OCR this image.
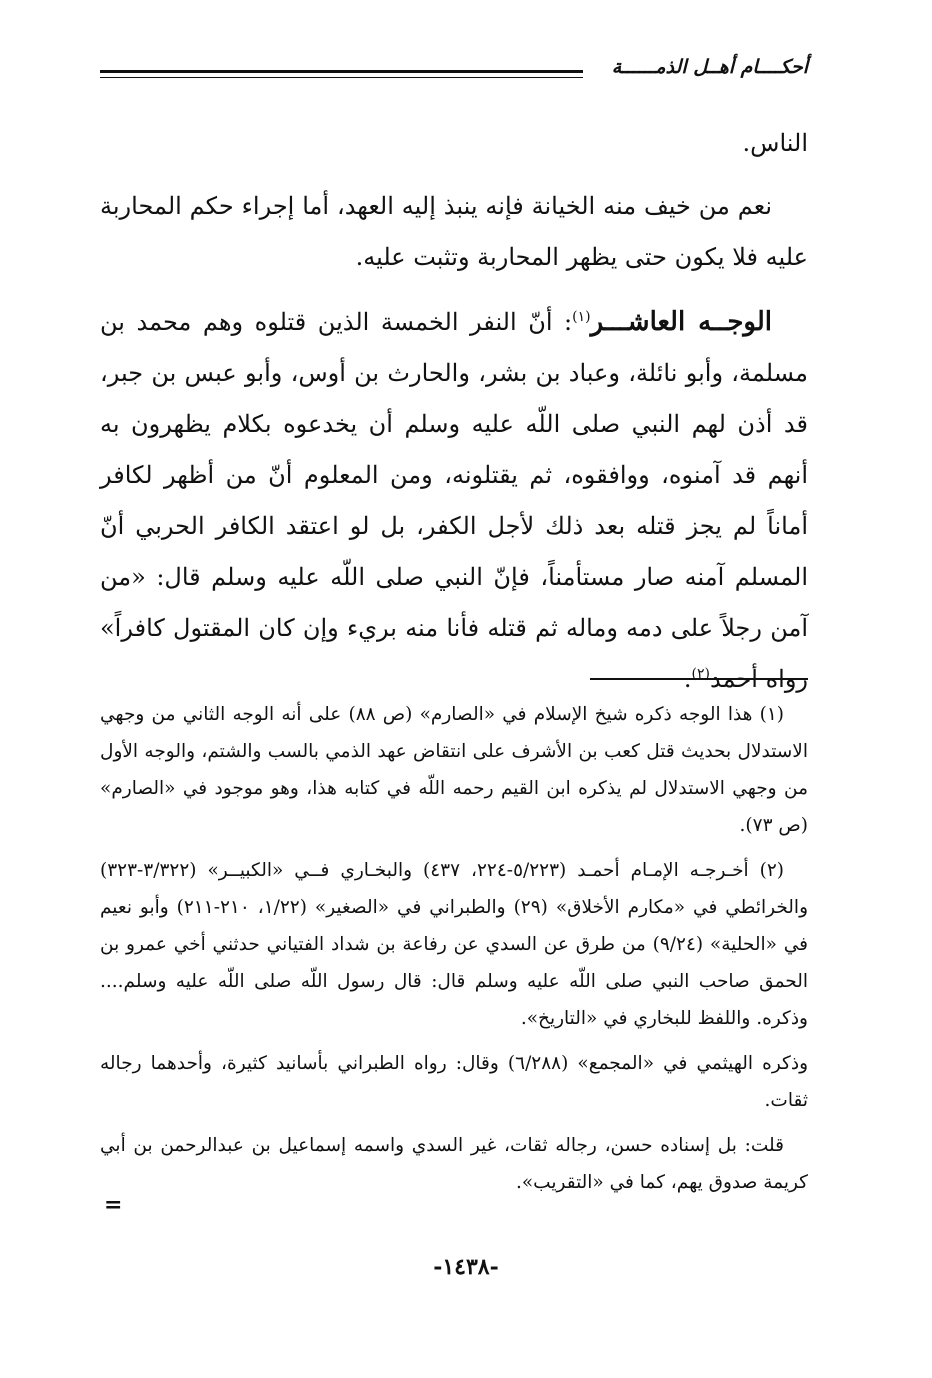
أحكــــام أهــل الذمــــــة

الناس.

نعم من خيف منه الخيانة فإنه ينبذ إليه العهد، أما إجراء حكم المحاربة عليه فلا يكون حتى يظهر المحاربة وتثبت عليه.

الوجــه العاشـــر$^{(١)}$: أنّ النفر الخمسة الذين قتلوه وهم محمد بن مسلمة، وأبو نائلة، وعباد بن بشر، والحارث بن أوس، وأبو عبس بن جبر، قد أذن لهم النبي صلى اللّه عليه وسلم أن يخدعوه بكلام يظهرون به أنهم قد آمنوه، ووافقوه، ثم يقتلونه، ومن المعلوم أنّ من أظهر لكافر أماناً لم يجز قتله بعد ذلك لأجل الكفر، بل لو اعتقد الكافر الحربي أنّ المسلم آمنه صار مستأمناً، فإنّ النبي صلى اللّه عليه وسلم قال: «من آمن رجلاً على دمه وماله ثم قتله فأنا منه بريء وإن كان المقتول كافراً» رواه أحمد$^{(٢)}$.

(١) هذا الوجه ذكره شيخ الإسلام في «الصارم» (ص ٨٨) على أنه الوجه الثاني من وجهي الاستدلال بحديث قتل كعب بن الأشرف على انتقاض عهد الذمي بالسب والشتم، والوجه الأول من وجهي الاستدلال لم يذكره ابن القيم رحمه اللّه في كتابه هذا، وهو موجود في «الصارم» (ص ٧٣).

(٢) أخـرجـه الإمـام أحمـد (٥/٢٢٣-٢٢٤، ٤٣٧) والبخـاري فــي «الكبيــر» (٣/٣٢٢-٣٢٣) والخرائطي في «مكارم الأخلاق» (٢٩) والطبراني في «الصغير» (١/٢٢، ٢١٠-٢١١) وأبو نعيم في «الحلية» (٩/٢٤) من طرق عن السدي عن رفاعة بن شداد الفتياني حدثني أخي عمرو بن الحمق صاحب النبي صلى اللّه عليه وسلم قال: قال رسول اللّه صلى اللّه عليه وسلم.... وذكره. واللفظ للبخاري في «التاريخ».

وذكره الهيثمي في «المجمع» (٦/٢٨٨) وقال: رواه الطبراني بأسانيد كثيرة، وأحدهما رجاله ثقات.

قلت: بل إسناده حسن، رجاله ثقات، غير السدي واسمه إسماعيل بن عبدالرحمن بن أبي كريمة صدوق يهم، كما في «التقريب».

=
-١٤٣٨-
